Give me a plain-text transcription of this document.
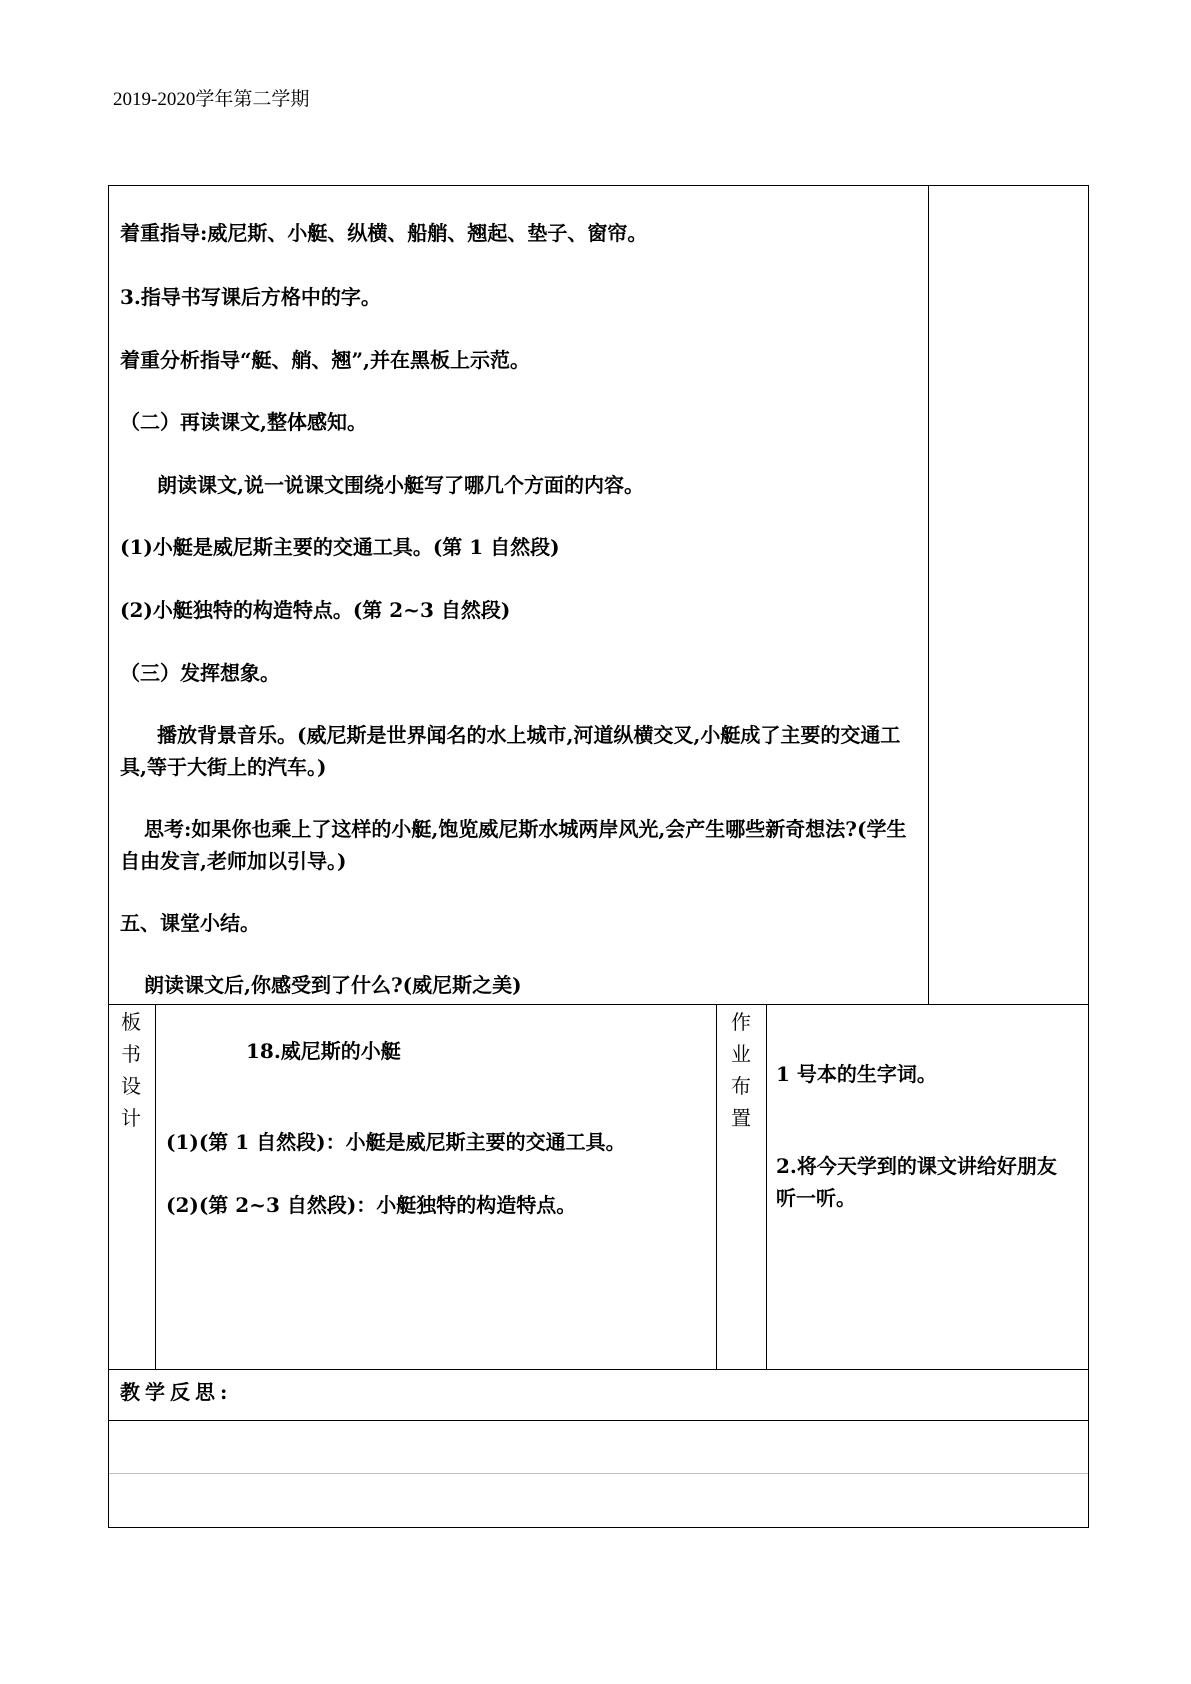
2019-2020学年第二学期
着重指导:威尼斯、小艇、纵横、船艄、翘起、垫子、窗帘。
3.指导书写课后方格中的字。
着重分析指导“艇、艄、翘”,并在黑板上示范。
（二）再读课文,整体感知。
朗读课文,说一说课文围绕小艇写了哪几个方面的内容。
(1)小艇是威尼斯主要的交通工具。(第 1 自然段)
(2)小艇独特的构造特点。(第 2~3 自然段)
（三）发挥想象。
播放背景音乐。(威尼斯是世界闻名的水上城市,河道纵横交叉,小艇成了主要的交通工具,等于大街上的汽车。)
思考:如果你也乘上了这样的小艇,饱览威尼斯水城两岸风光,会产生哪些新奇想法?(学生自由发言,老师加以引导。)
五、课堂小结。
朗读课文后,你感受到了什么?(威尼斯之美)
板
书
设
计
18.威尼斯的小艇
(1)(第 1 自然段)：小艇是威尼斯主要的交通工具。
(2)(第 2~3 自然段)：小艇独特的构造特点。
作
业
布
置
1 号本的生字词。
2.将今天学到的课文讲给好朋友听一听。
教学反思:
